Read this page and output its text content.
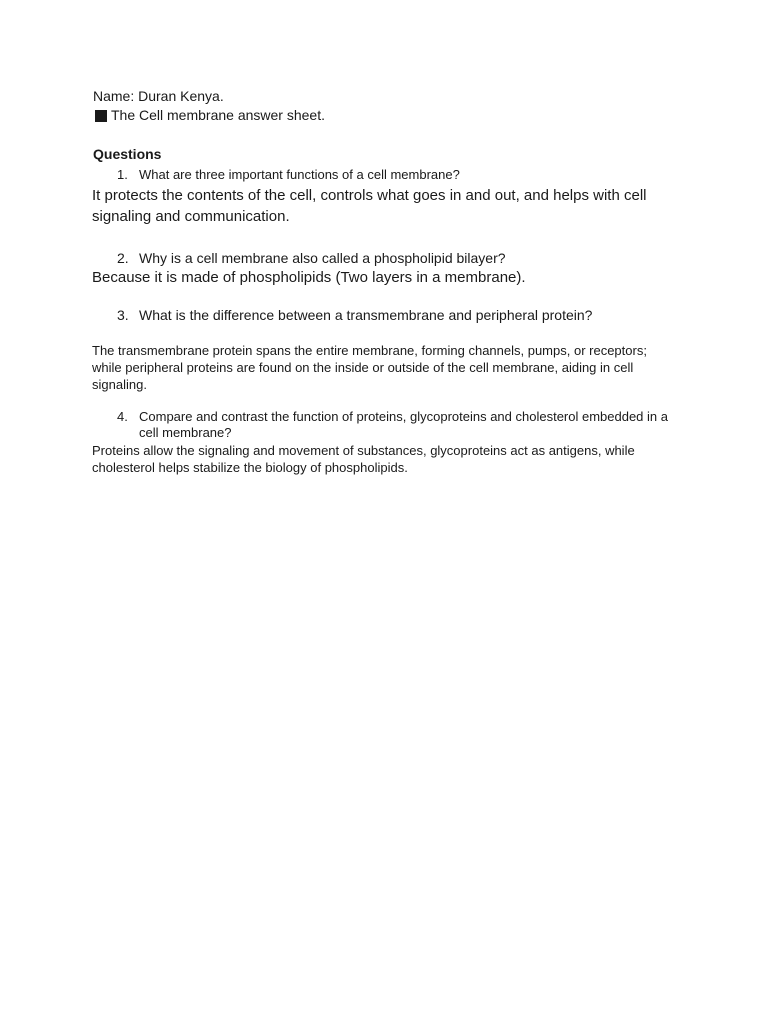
Name: Duran Kenya.
The Cell membrane answer sheet.
Questions
1. What are three important functions of a cell membrane?
It protects the contents of the cell, controls what goes in and out, and helps with cell signaling and communication.
2. Why is a cell membrane also called a phospholipid bilayer?
Because it is made of phospholipids (Two layers in a membrane).
3. What is the difference between a transmembrane and peripheral protein?
The transmembrane protein spans the entire membrane, forming channels, pumps, or receptors; while peripheral proteins are found on the inside or outside of the cell membrane, aiding in cell signaling.
4. Compare and contrast the function of proteins, glycoproteins and cholesterol embedded in a cell membrane?
Proteins allow the signaling and movement of substances, glycoproteins act as antigens, while cholesterol helps stabilize the biology of phospholipids.
